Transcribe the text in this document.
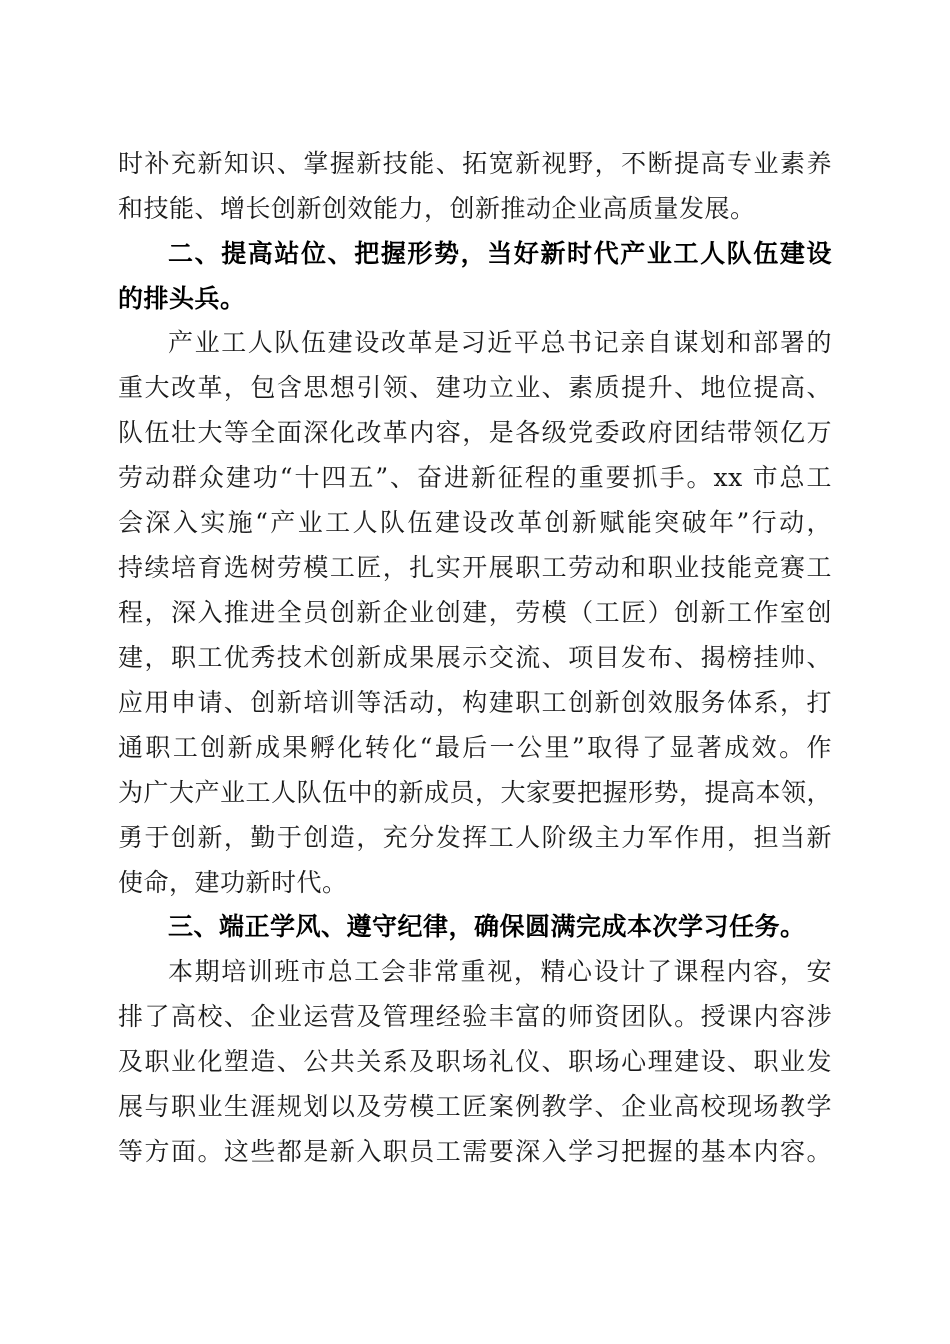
时补充新知识、掌握新技能、拓宽新视野，不断提高专业素养
和技能、增长创新创效能力，创新推动企业高质量发展。
二、提高站位、把握形势，当好新时代产业工人队伍建设
的排头兵。
产业工人队伍建设改革是习近平总书记亲自谋划和部署的
重大改革，包含思想引领、建功立业、素质提升、地位提高、
队伍壮大等全面深化改革内容，是各级党委政府团结带领亿万
劳动群众建功“十四五”、奋进新征程的重要抓手。xx 市总工
会深入实施“产业工人队伍建设改革创新赋能突破年”行动，
持续培育选树劳模工匠，扎实开展职工劳动和职业技能竞赛工
程，深入推进全员创新企业创建，劳模（工匠）创新工作室创
建，职工优秀技术创新成果展示交流、项目发布、揭榜挂帅、
应用申请、创新培训等活动，构建职工创新创效服务体系，打
通职工创新成果孵化转化“最后一公里”取得了显著成效。作
为广大产业工人队伍中的新成员，大家要把握形势，提高本领，
勇于创新，勤于创造，充分发挥工人阶级主力军作用，担当新
使命，建功新时代。
三、端正学风、遵守纪律，确保圆满完成本次学习任务。
本期培训班市总工会非常重视，精心设计了课程内容，安
排了高校、企业运营及管理经验丰富的师资团队。授课内容涉
及职业化塑造、公共关系及职场礼仪、职场心理建设、职业发
展与职业生涯规划以及劳模工匠案例教学、企业高校现场教学
等方面。这些都是新入职员工需要深入学习把握的基本内容。
